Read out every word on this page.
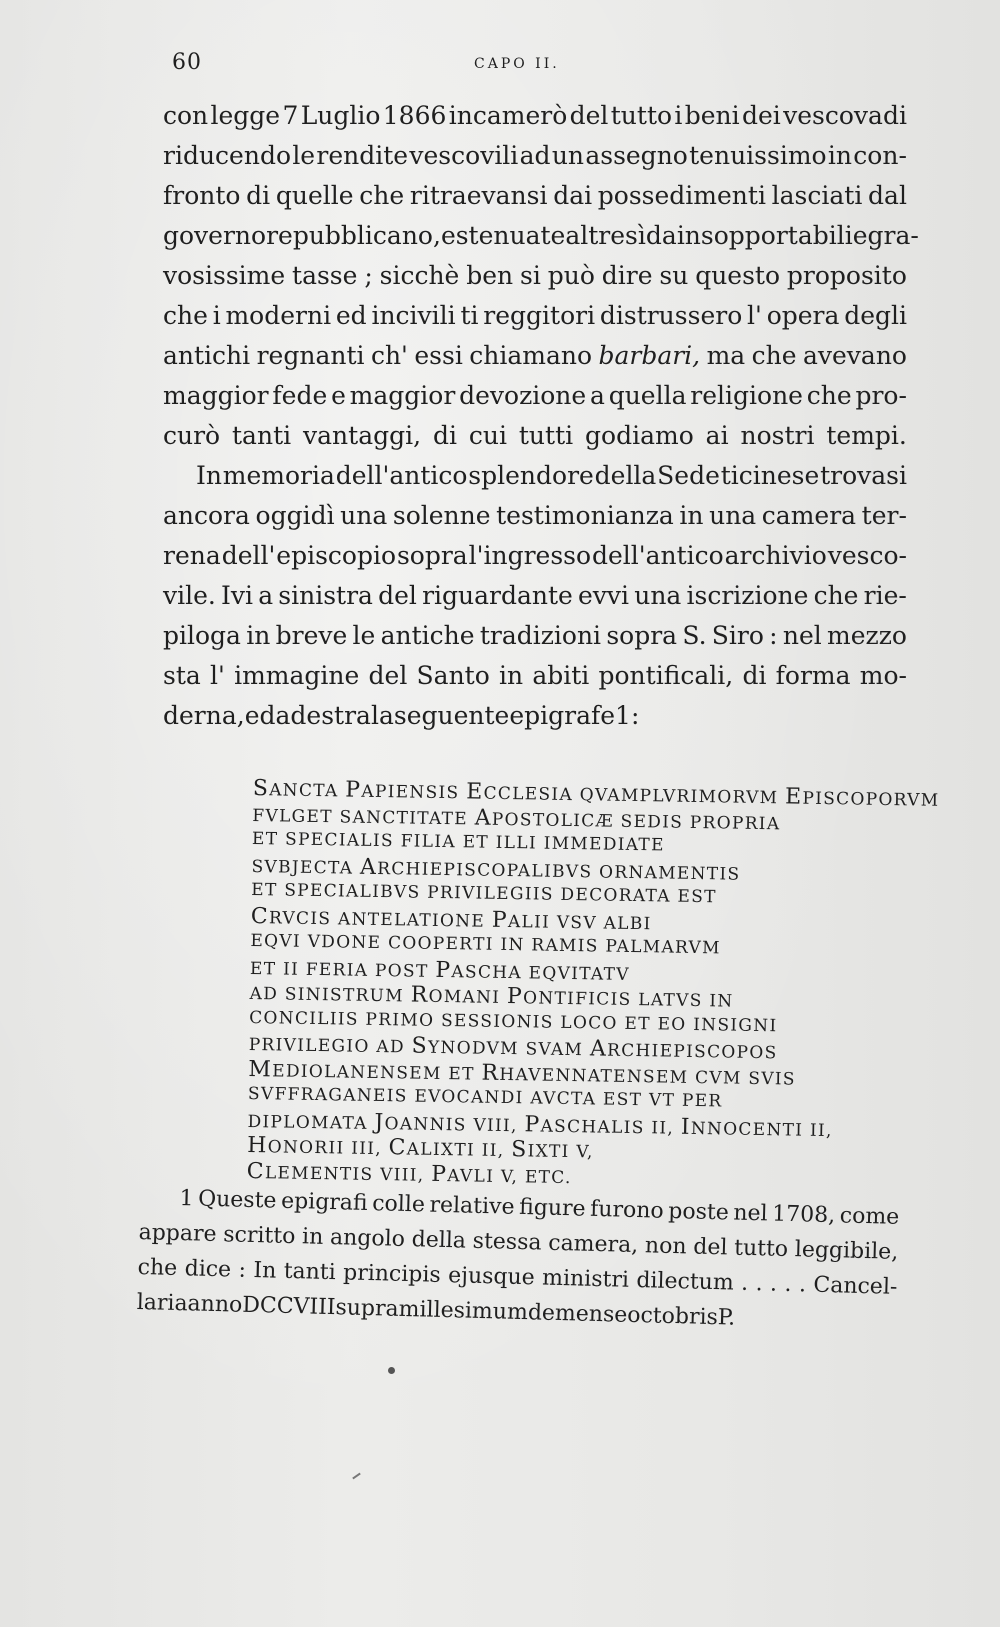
60	CAPO II.
con legge 7 Luglio 1866 incamerò del tutto i beni dei vescovadi
riducendo le rendite vescovili ad un assegno tenuissimo in con-
fronto di quelle che ritraevansi dai possedimenti lasciati dal
governo repubblicano, estenuate altresì da insopportabili e gra-
vosissime tasse ; sicchè ben si può dire su questo proposito
che i moderni ed incivili ti reggitori distrussero l' opera degli
antichi regnanti ch' essi chiamano barbari, ma che avevano
maggior fede e maggior devozione a quella religione che pro-
curò tanti vantaggi, di cui tutti godiamo ai nostri tempi.
In memoria dell'antico splendore della Sede ticinese trovasi
ancora oggidì una solenne testimonianza in una camera ter-
rena dell' episcopio sopra l'ingresso dell'antico archivio vesco-
vile. Ivi a sinistra del riguardante evvi una iscrizione che rie-
piloga in breve le antiche tradizioni sopra S. Siro : nel mezzo
sta l' immagine del Santo in abiti pontificali, di forma mo-
derna, ed a destra la seguente epigrafe 1 :
SANCTA PAPIENSIS ECCLESIA QVAMPLVRIMORVM EPISCOPORVM
FVLGET SANCTITATE APOSTOLICÆ SEDIS PROPRIA
ET SPECIALIS FILIA ET ILLI IMMEDIATE
SVBJECTA ARCHIEPISCOPALIBVS ORNAMENTIS
ET SPECIALIBVS PRIVILEGIIS DECORATA EST
CRVCIS ANTELATIONE PALII VSV ALBI
EQVI VDONE COOPERTI IN RAMIS PALMARVM
ET II FERIA POST PASCHA EQVITATV
AD SINISTRUM ROMANI PONTIFICIS LATVS IN
CONCILIIS PRIMO SESSIONIS LOCO ET EO INSIGNI
PRIVILEGIO AD SYNODVM SVAM ARCHIEPISCOPOS
MEDIOLANENSEM ET RHAVENNATENSEM CVM SVIS
SVFFRAGANEIS EVOCANDI AVCTA EST VT PER
DIPLOMATA JOANNIS VIII, PASCHALIS II, INNOCENTI II,
HONORII III, CALIXTI II, SIXTI V,
CLEMENTIS VIII, PAVLI V, ETC.
1 Queste epigrafi colle relative figure furono poste nel 1708, come
appare scritto in angolo della stessa camera, non del tutto leggibile,
che dice : In tanti principis ejusque ministri dilectum . . . . . Cancel-
laria anno DCCVIII supra millesimum de mense octobris P.
